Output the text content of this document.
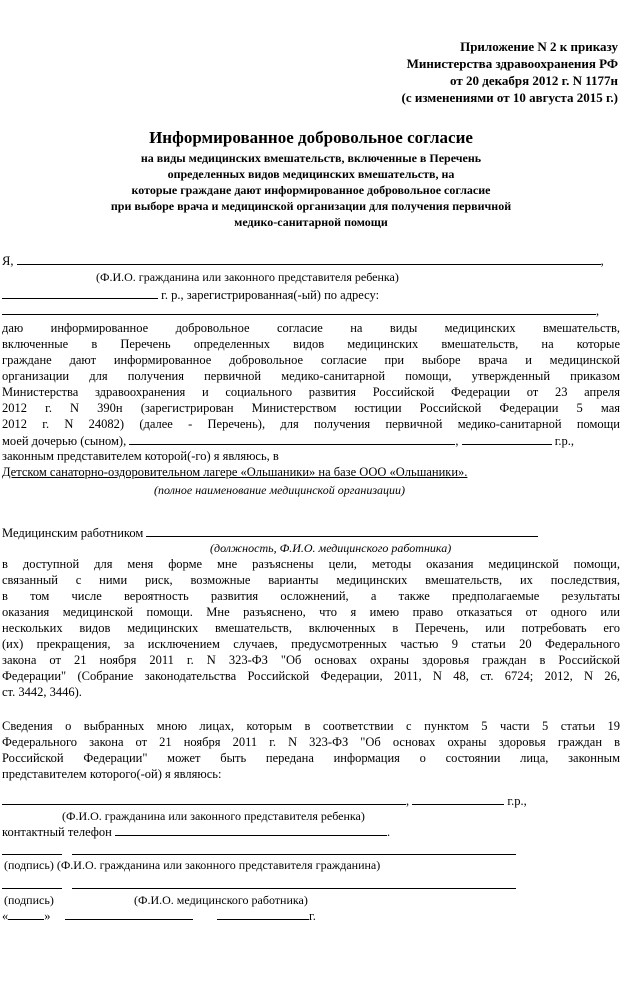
Приложение N 2 к приказу
Министерства здравоохранения РФ
от 20 декабря 2012 г. N 1177н
(с изменениями от 10 августа 2015 г.)
Информированное добровольное согласие
на виды медицинских вмешательств, включенные в Перечень
определенных видов медицинских вмешательств, на
которые граждане дают информированное добровольное согласие
при выборе врача и медицинской организации для получения первичной
медико-санитарной помощи
Я,	,
(Ф.И.О. гражданина или законного представителя ребенка)
г. р., зарегистрированная(-ый) по адресу:
,
даю информированное добровольное согласие на виды медицинских вмешательств,
включенные в Перечень определенных видов медицинских вмешательств, на которые
граждане дают информированное добровольное согласие при выборе врача и медицинской
организации для получения первичной медико-санитарной помощи, утвержденный приказом
Министерства здравоохранения и социального развития Российской Федерации от 23 апреля
2012 г. N 390н (зарегистрирован Министерством юстиции Российской Федерации 5 мая
2012 г. N 24082) (далее - Перечень), для получения первичной медико-санитарной помощи
моей дочерью (сыном),	,	г.р.,
законным представителем которой(-го) я являюсь, в
Детском санаторно-оздоровительном лагере «Ольшаники» на базе ООО «Ольшаники».
(полное наименование медицинской организации)
Медицинским работником
(должность, Ф.И.О. медицинского работника)
в доступной для меня форме мне разъяснены цели, методы оказания медицинской помощи,
связанный с ними риск, возможные варианты медицинских вмешательств, их последствия,
в том числе вероятность развития осложнений, а также предполагаемые результаты
оказания медицинской помощи. Мне разъяснено, что я имею право отказаться от одного или
нескольких видов медицинских вмешательств, включенных в Перечень, или потребовать его
(их) прекращения, за исключением случаев, предусмотренных частью 9 статьи 20 Федерального
закона от 21 ноября 2011 г. N 323-ФЗ "Об основах охраны здоровья граждан в Российской
Федерации" (Собрание законодательства Российской Федерации, 2011, N 48, ст. 6724; 2012, N 26,
ст. 3442, 3446).
Сведения о выбранных мною лицах, которым в соответствии с пунктом 5 части 5 статьи 19
Федерального закона от 21 ноября 2011 г. N 323-ФЗ "Об основах охраны здоровья граждан в
Российской Федерации" может быть передана информация о состоянии лица, законным
представителем которого(-ой) я являюсь:
,	г.р.,
(Ф.И.О. гражданина или законного представителя ребенка)
контактный телефон	.
(подпись) (Ф.И.О. гражданина или законного представителя гражданина)
(подпись)	(Ф.И.О. медицинского работника)
«	»	г.
